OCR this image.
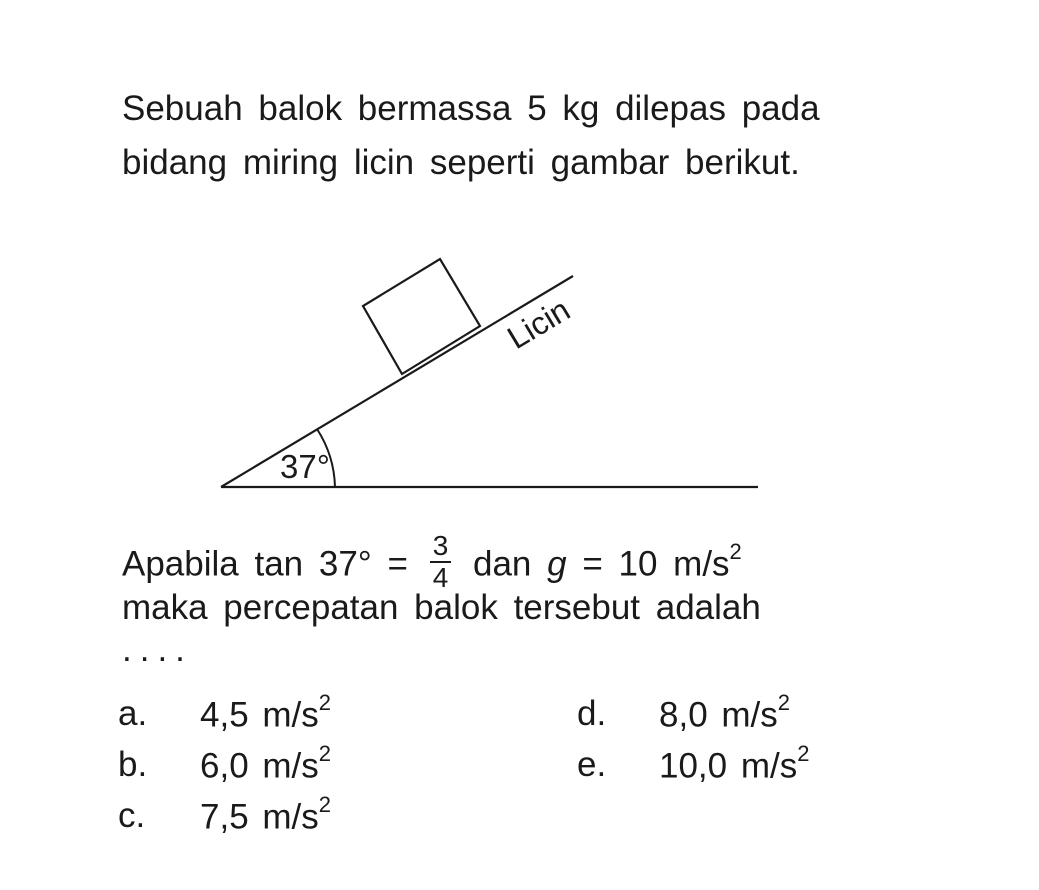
Sebuah balok bermassa 5 kg dilepas pada bidang miring licin seperti gambar berikut.

37°
Licin
Apabila $\tan 37^\circ = \frac{3}{4}$ dan g = 10 $m/s^2$
maka percepatan balok tersebut adalah
....
a.	4,5 $m/s^2$
b.	6,0 $m/s^2$
c.	7,5 $m/s^2$
d.	8,0 $m/s^2$
e.	10,0 $m/s^2$
